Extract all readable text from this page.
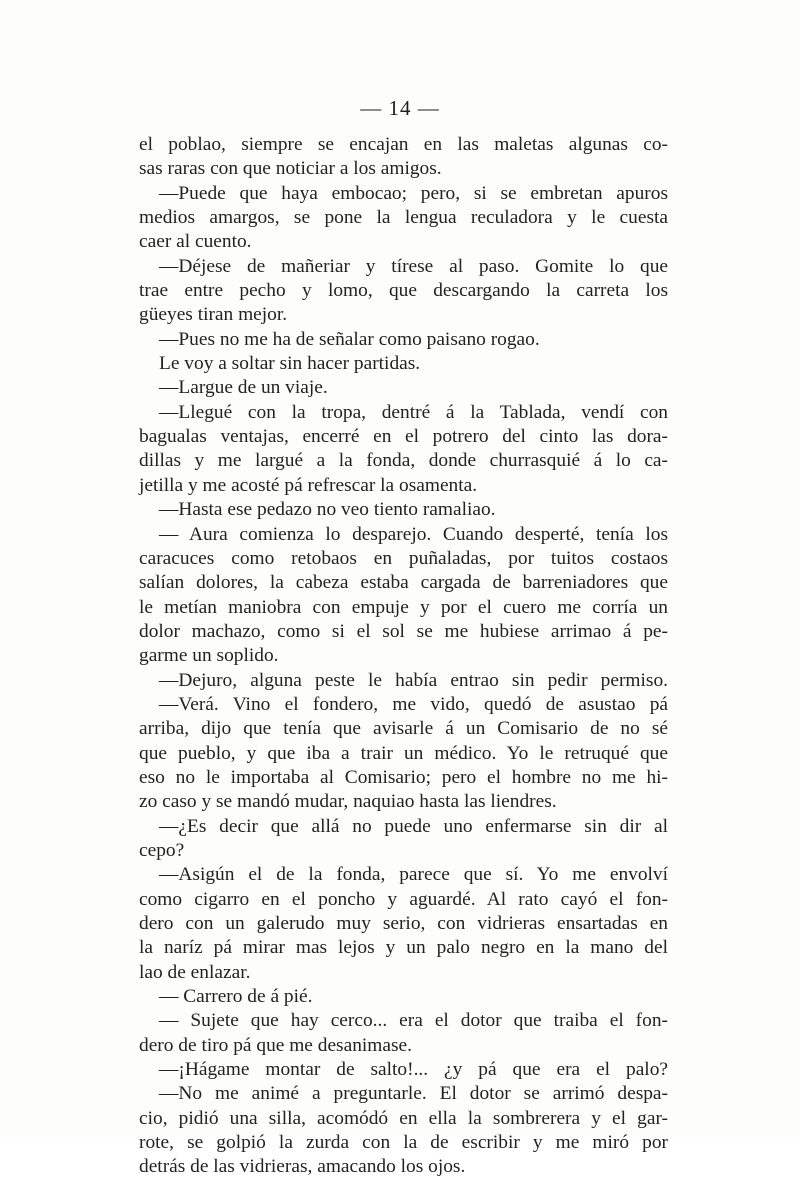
— 14 —
el poblao, siempre se encajan en las maletas algunas co-
sas raras con que noticiar a los amigos.
—Puede que haya embocao; pero, si se embretan apuros
medios amargos, se pone la lengua reculadora y le cuesta
caer al cuento.
—Déjese de mañeriar y tírese al paso. Gomite lo que
trae entre pecho y lomo, que descargando la carreta los
güeyes tiran mejor.
—Pues no me ha de señalar como paisano rogao.
Le voy a soltar sin hacer partidas.
—Largue de un viaje.
—Llegué con la tropa, dentré á la Tablada, vendí con
bagualas ventajas, encerré en el potrero del cinto las dora-
dillas y me largué a la fonda, donde churrasquié á lo ca-
jetilla y me acosté pá refrescar la osamenta.
—Hasta ese pedazo no veo tiento ramaliao.
— Aura comienza lo desparejo. Cuando desperté, tenía los
caracuces como retobaos en puñaladas, por tuitos costaos
salían dolores, la cabeza estaba cargada de barreniadores que
le metían maniobra con empuje y por el cuero me corría un
dolor machazo, como si el sol se me hubiese arrimao á pe-
garme un soplido.
—Dejuro, alguna peste le había entrao sin pedir permiso.
—Verá. Vino el fondero, me vido, quedó de asustao pá
arriba, dijo que tenía que avisarle á un Comisario de no sé
que pueblo, y que iba a trair un médico. Yo le retruqué que
eso no le importaba al Comisario; pero el hombre no me hi-
zo caso y se mandó mudar, naquiao hasta las liendres.
—¿Es decir que allá no puede uno enfermarse sin dir al
cepo?
—Asigún el de la fonda, parece que sí. Yo me envolví
como cigarro en el poncho y aguardé. Al rato cayó el fon-
dero con un galerudo muy serio, con vidrieras ensartadas en
la naríz pá mirar mas lejos y un palo negro en la mano del
lao de enlazar.
— Carrero de á pié.
— Sujete que hay cerco... era el dotor que traiba el fon-
dero de tiro pá que me desanimase.
—¡Hágame montar de salto!... ¿y pá que era el palo?
—No me animé a preguntarle. El dotor se arrimó despa-
cio, pidió una silla, acomódó en ella la sombrerera y el gar-
rote, se golpió la zurda con la de escribir y me miró por
detrás de las vidrieras, amacando los ojos.
